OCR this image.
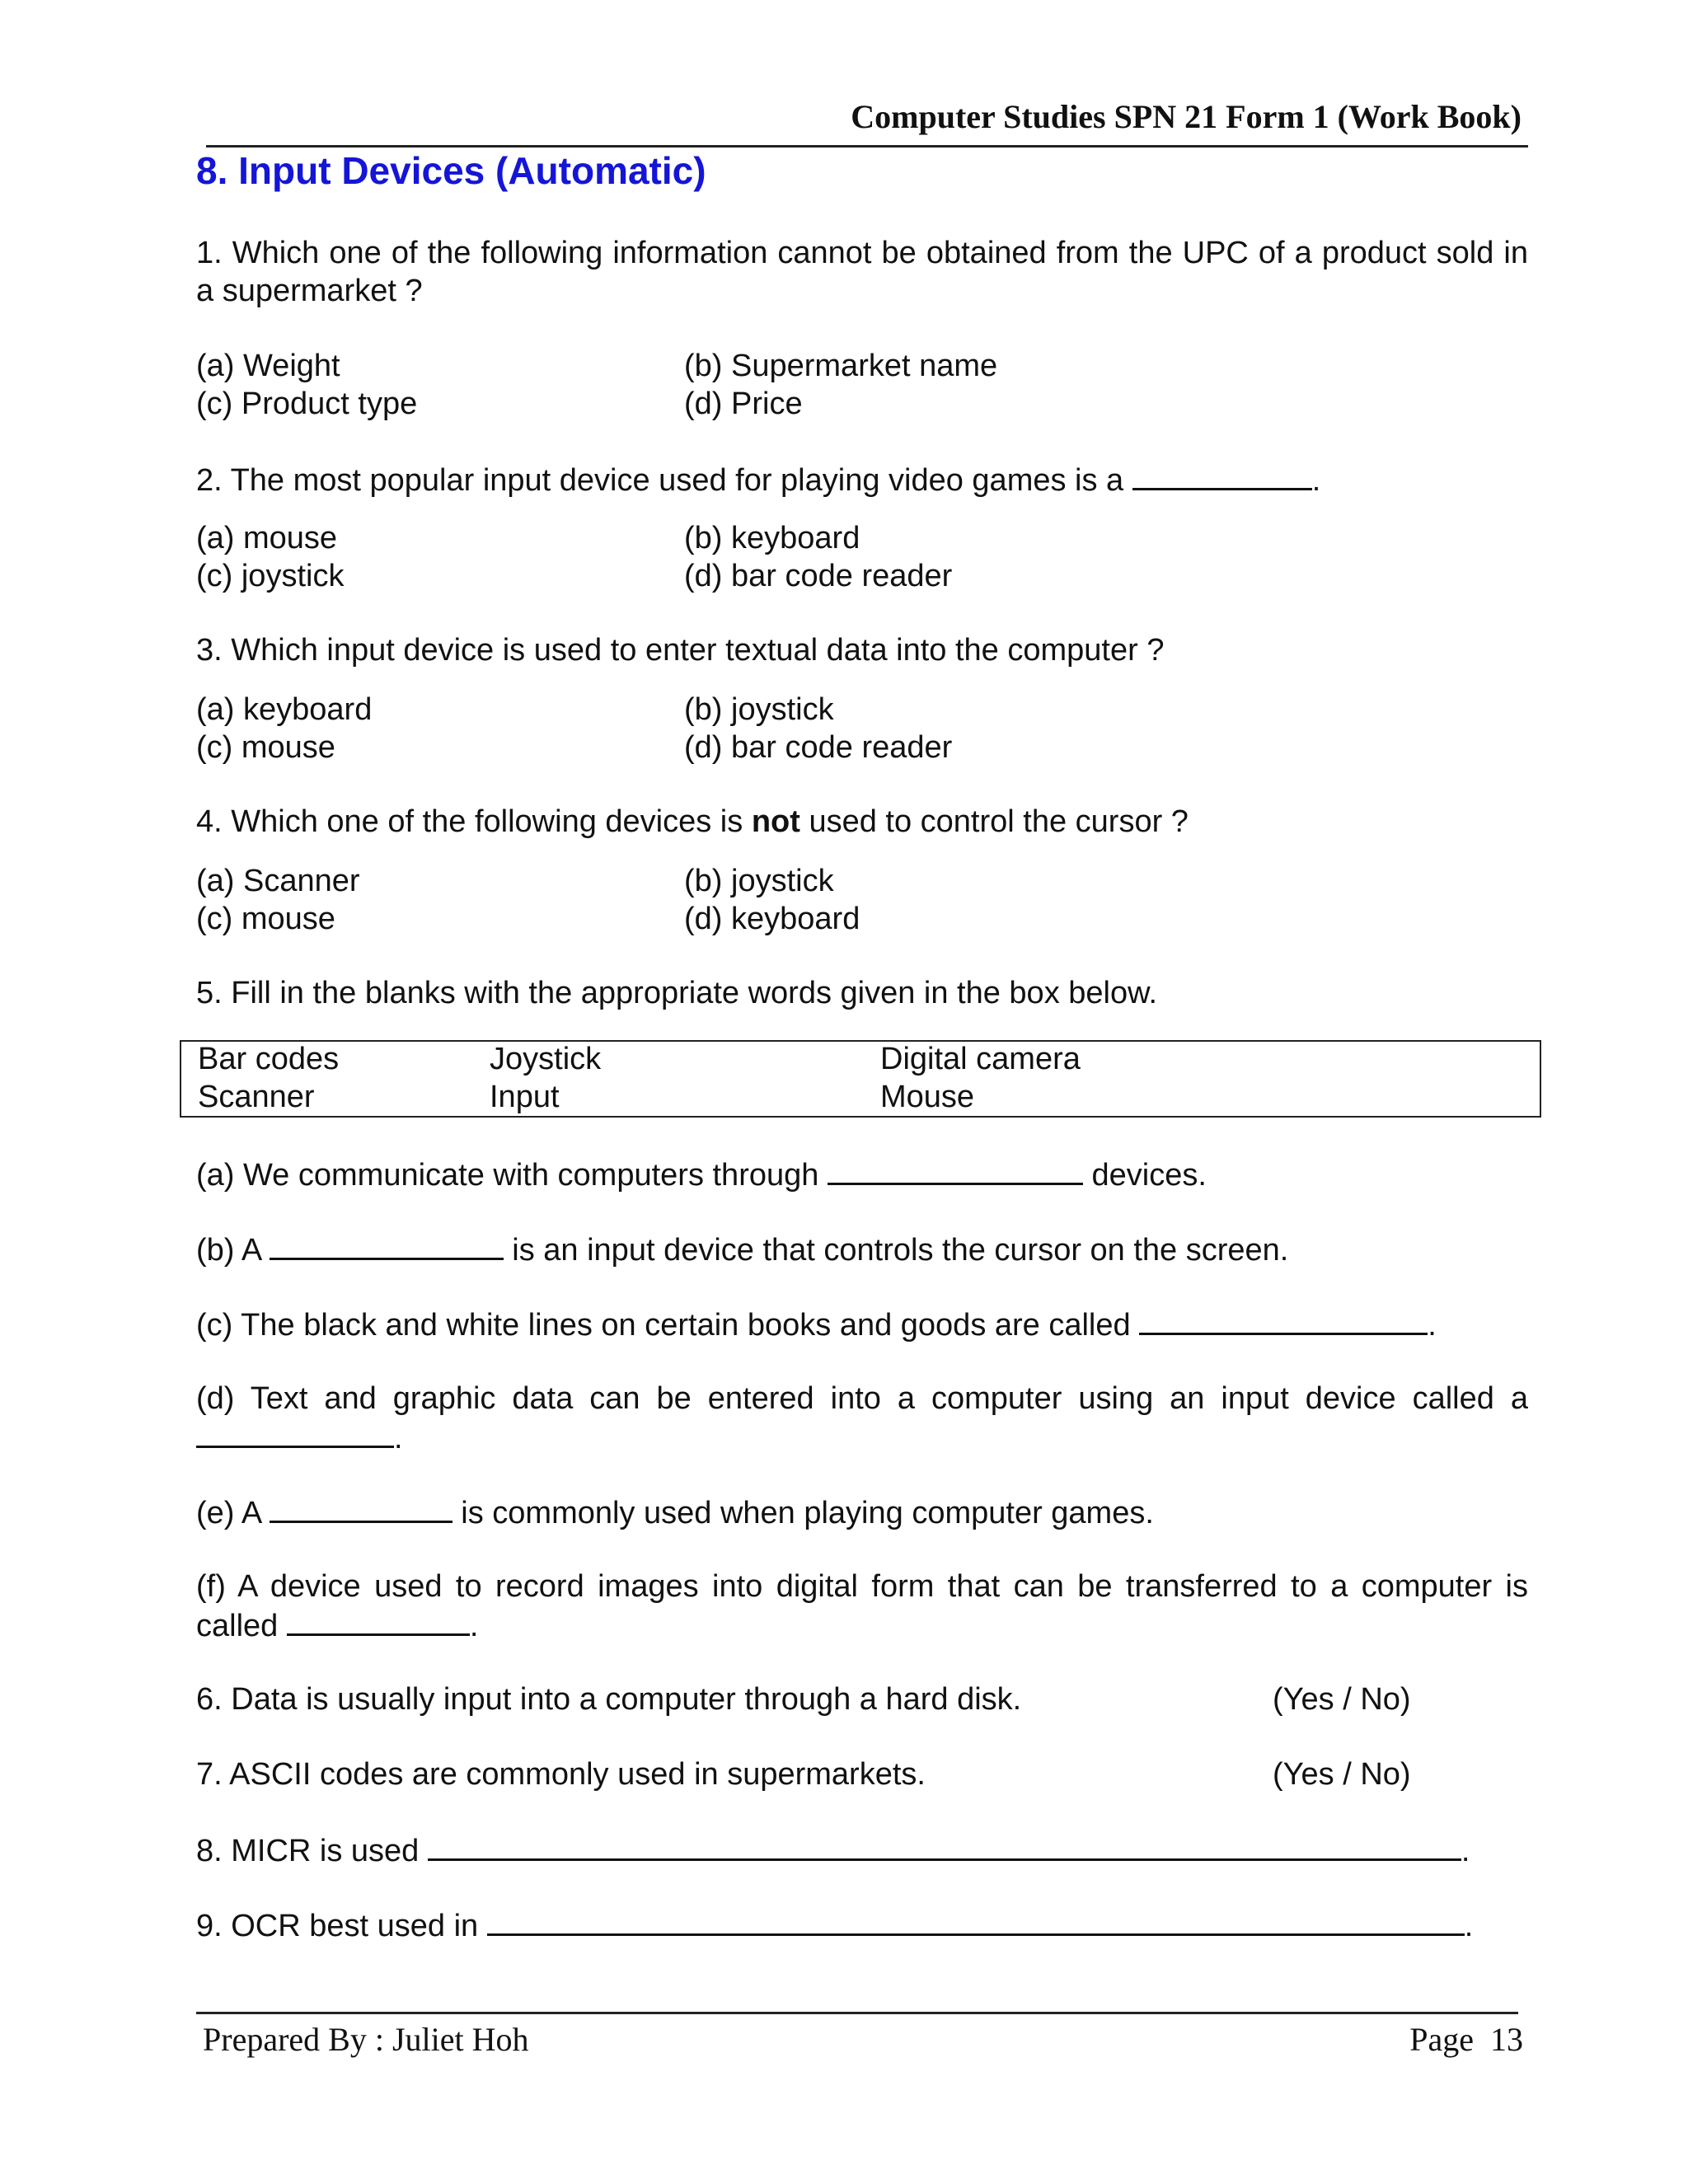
Computer Studies SPN 21 Form 1 (Work Book)
8. Input Devices (Automatic)
1. Which one of the following information cannot be obtained from the UPC of a product sold in a supermarket ?
(a) Weight	(b) Supermarket name
(c) Product type	(d) Price
2. The most popular input device used for playing video games is a	.
(a) mouse	(b) keyboard
(c) joystick	(d) bar code reader
3. Which input device is used to enter textual data into the computer ?
(a) keyboard	(b) joystick
(c) mouse	(d) bar code reader
4. Which one of the following devices is not used to control the cursor ?
(a) Scanner	(b) joystick
(c) mouse	(d) keyboard
5. Fill in the blanks with the appropriate words given in the box below.
Bar codes	Joystick	Digital camera
Scanner	Input	Mouse
(a) We communicate with computers through	devices.
(b) A	is an input device that controls the cursor on the screen.
(c) The black and white lines on certain books and goods are called	.
(d) Text and graphic data can be entered into a computer using an input device called a .
(e) A	is commonly used when playing computer games.
(f) A device used to record images into digital form that can be transferred to a computer is called	.
6. Data is usually input into a computer through a hard disk.	(Yes / No)
7. ASCII codes are commonly used in supermarkets.	(Yes / No)
8. MICR is used	.
9. OCR best used in	.
Prepared By : Juliet Hoh	Page  13
